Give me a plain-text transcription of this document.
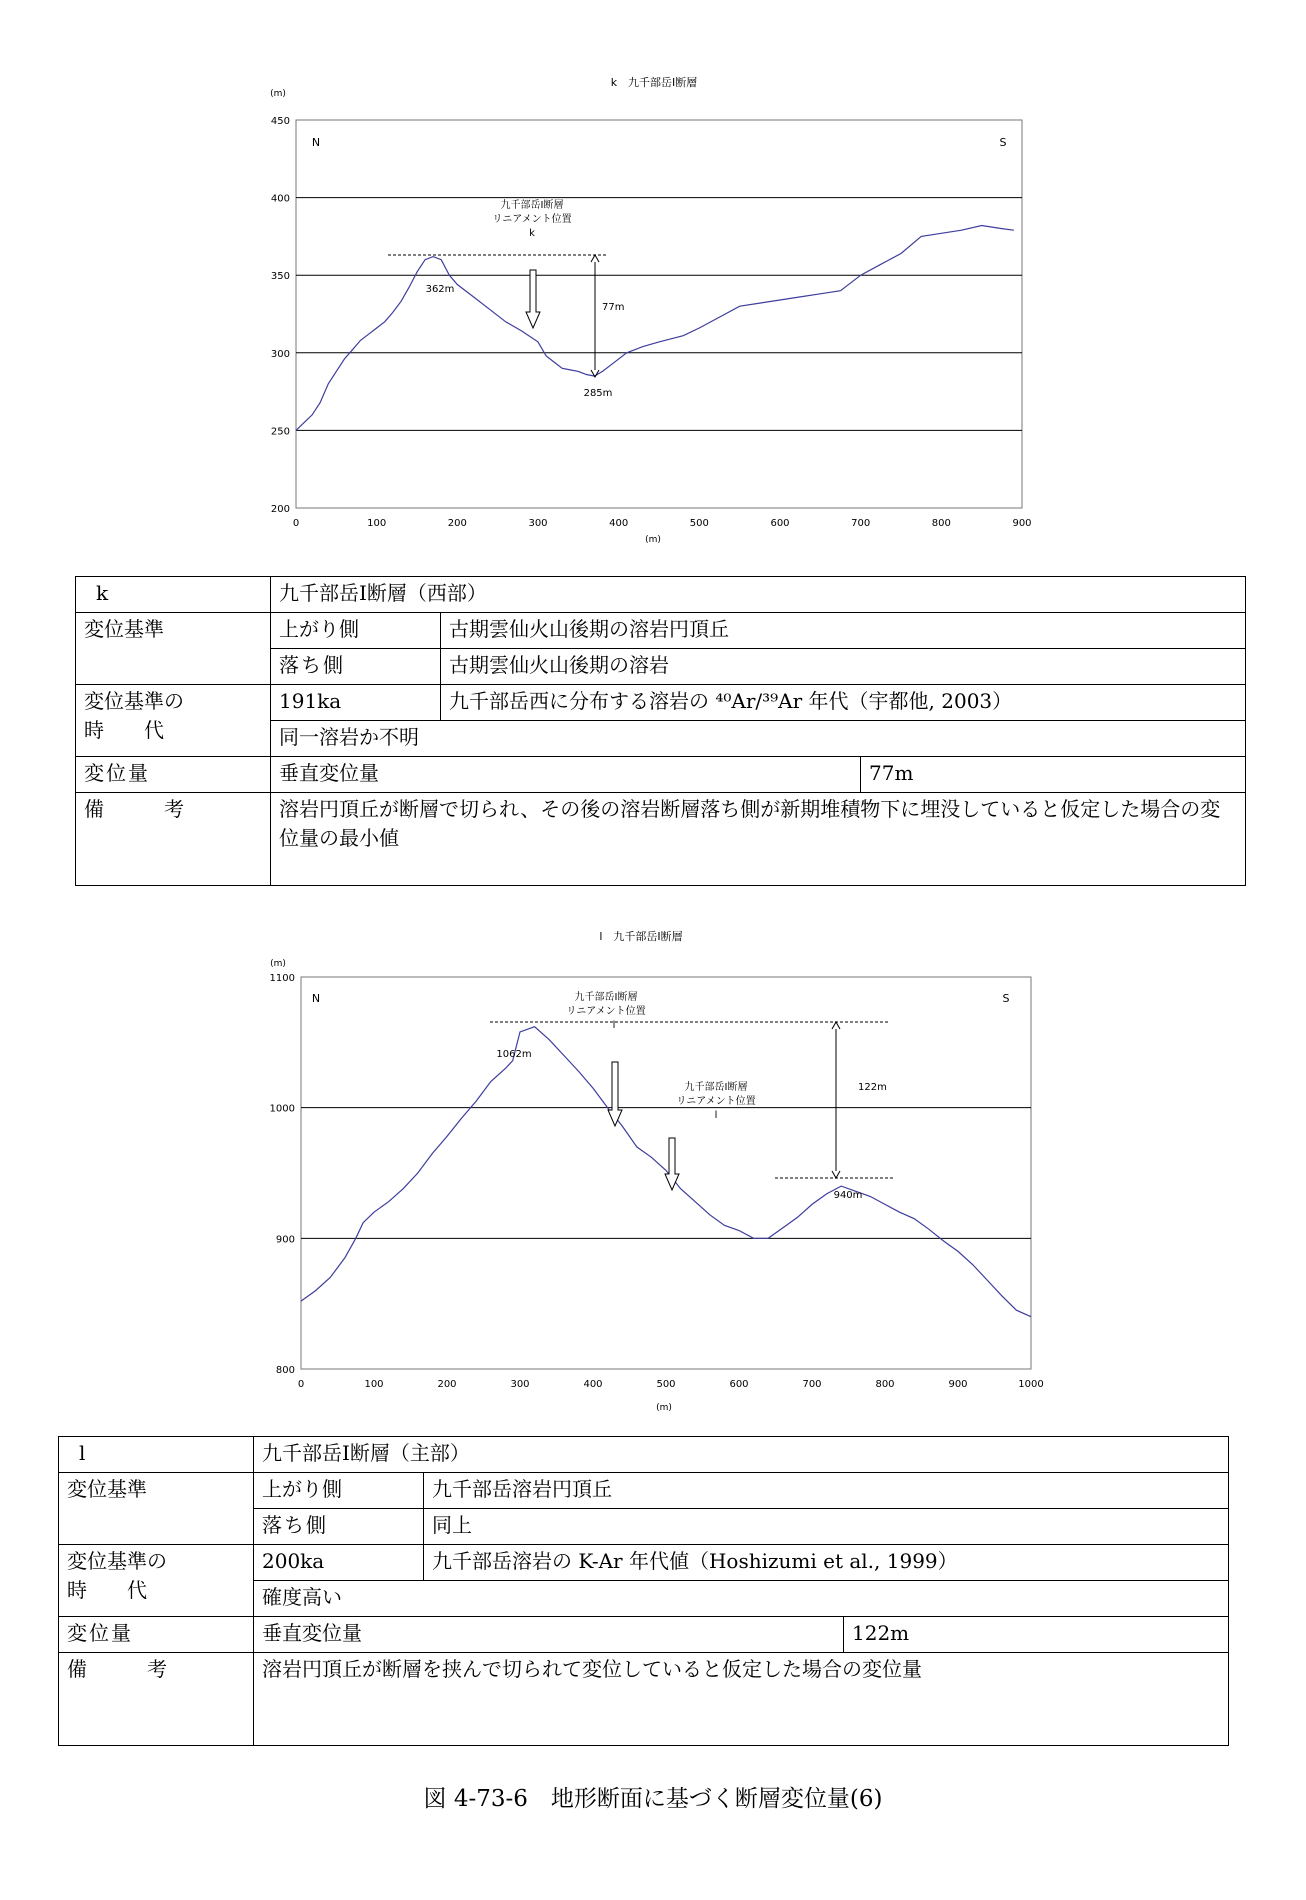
k　九千部岳Ⅰ断層
(m)
(m)
N	S
200
250
300
350
400
450
0	100	200	300	400	500	600	700	800	900
九千部岳Ⅰ断層
リニアメント位置
k
77m
362m
285m
k	九千部岳Ⅰ断層（西部）		
変位基準	上がり側	古期雲仙火山後期の溶岩円頂丘	
	落ち側	古期雲仙火山後期の溶岩	

変位基準の
時　　代	191ka	九千部岳西に分布する溶岩の ⁴⁰Ar/³⁹Ar 年代（宇都他, 2003）	
	同一溶岩か不明		
変位量	垂直変位量		77m
備　　　考	溶岩円頂丘が断層で切られ、その後の溶岩断層落ち側が新期堆積物下に埋没していると仮定した場合の変位量の最小値		
l　九千部岳Ⅰ断層
(m)
(m)
N	S
800
900
1000
1100
0	100	200	300	400	500	600	700	800	900	1000
九千部岳Ⅰ断層
リニアメント位置
l
九千部岳Ⅰ断層
リニアメント位置
l
122m
1062m
940m
l	九千部岳Ⅰ断層（主部）		
変位基準	上がり側	九千部岳溶岩円頂丘	
	落ち側	同上	

変位基準の
時　　代	200ka	九千部岳溶岩の K-Ar 年代値（Hoshizumi et al., 1999）	
	確度高い		
変位量	垂直変位量		122m
備　　　考	溶岩円頂丘が断層を挟んで切られて変位していると仮定した場合の変位量		
図 4-73-6　地形断面に基づく断層変位量(6)
